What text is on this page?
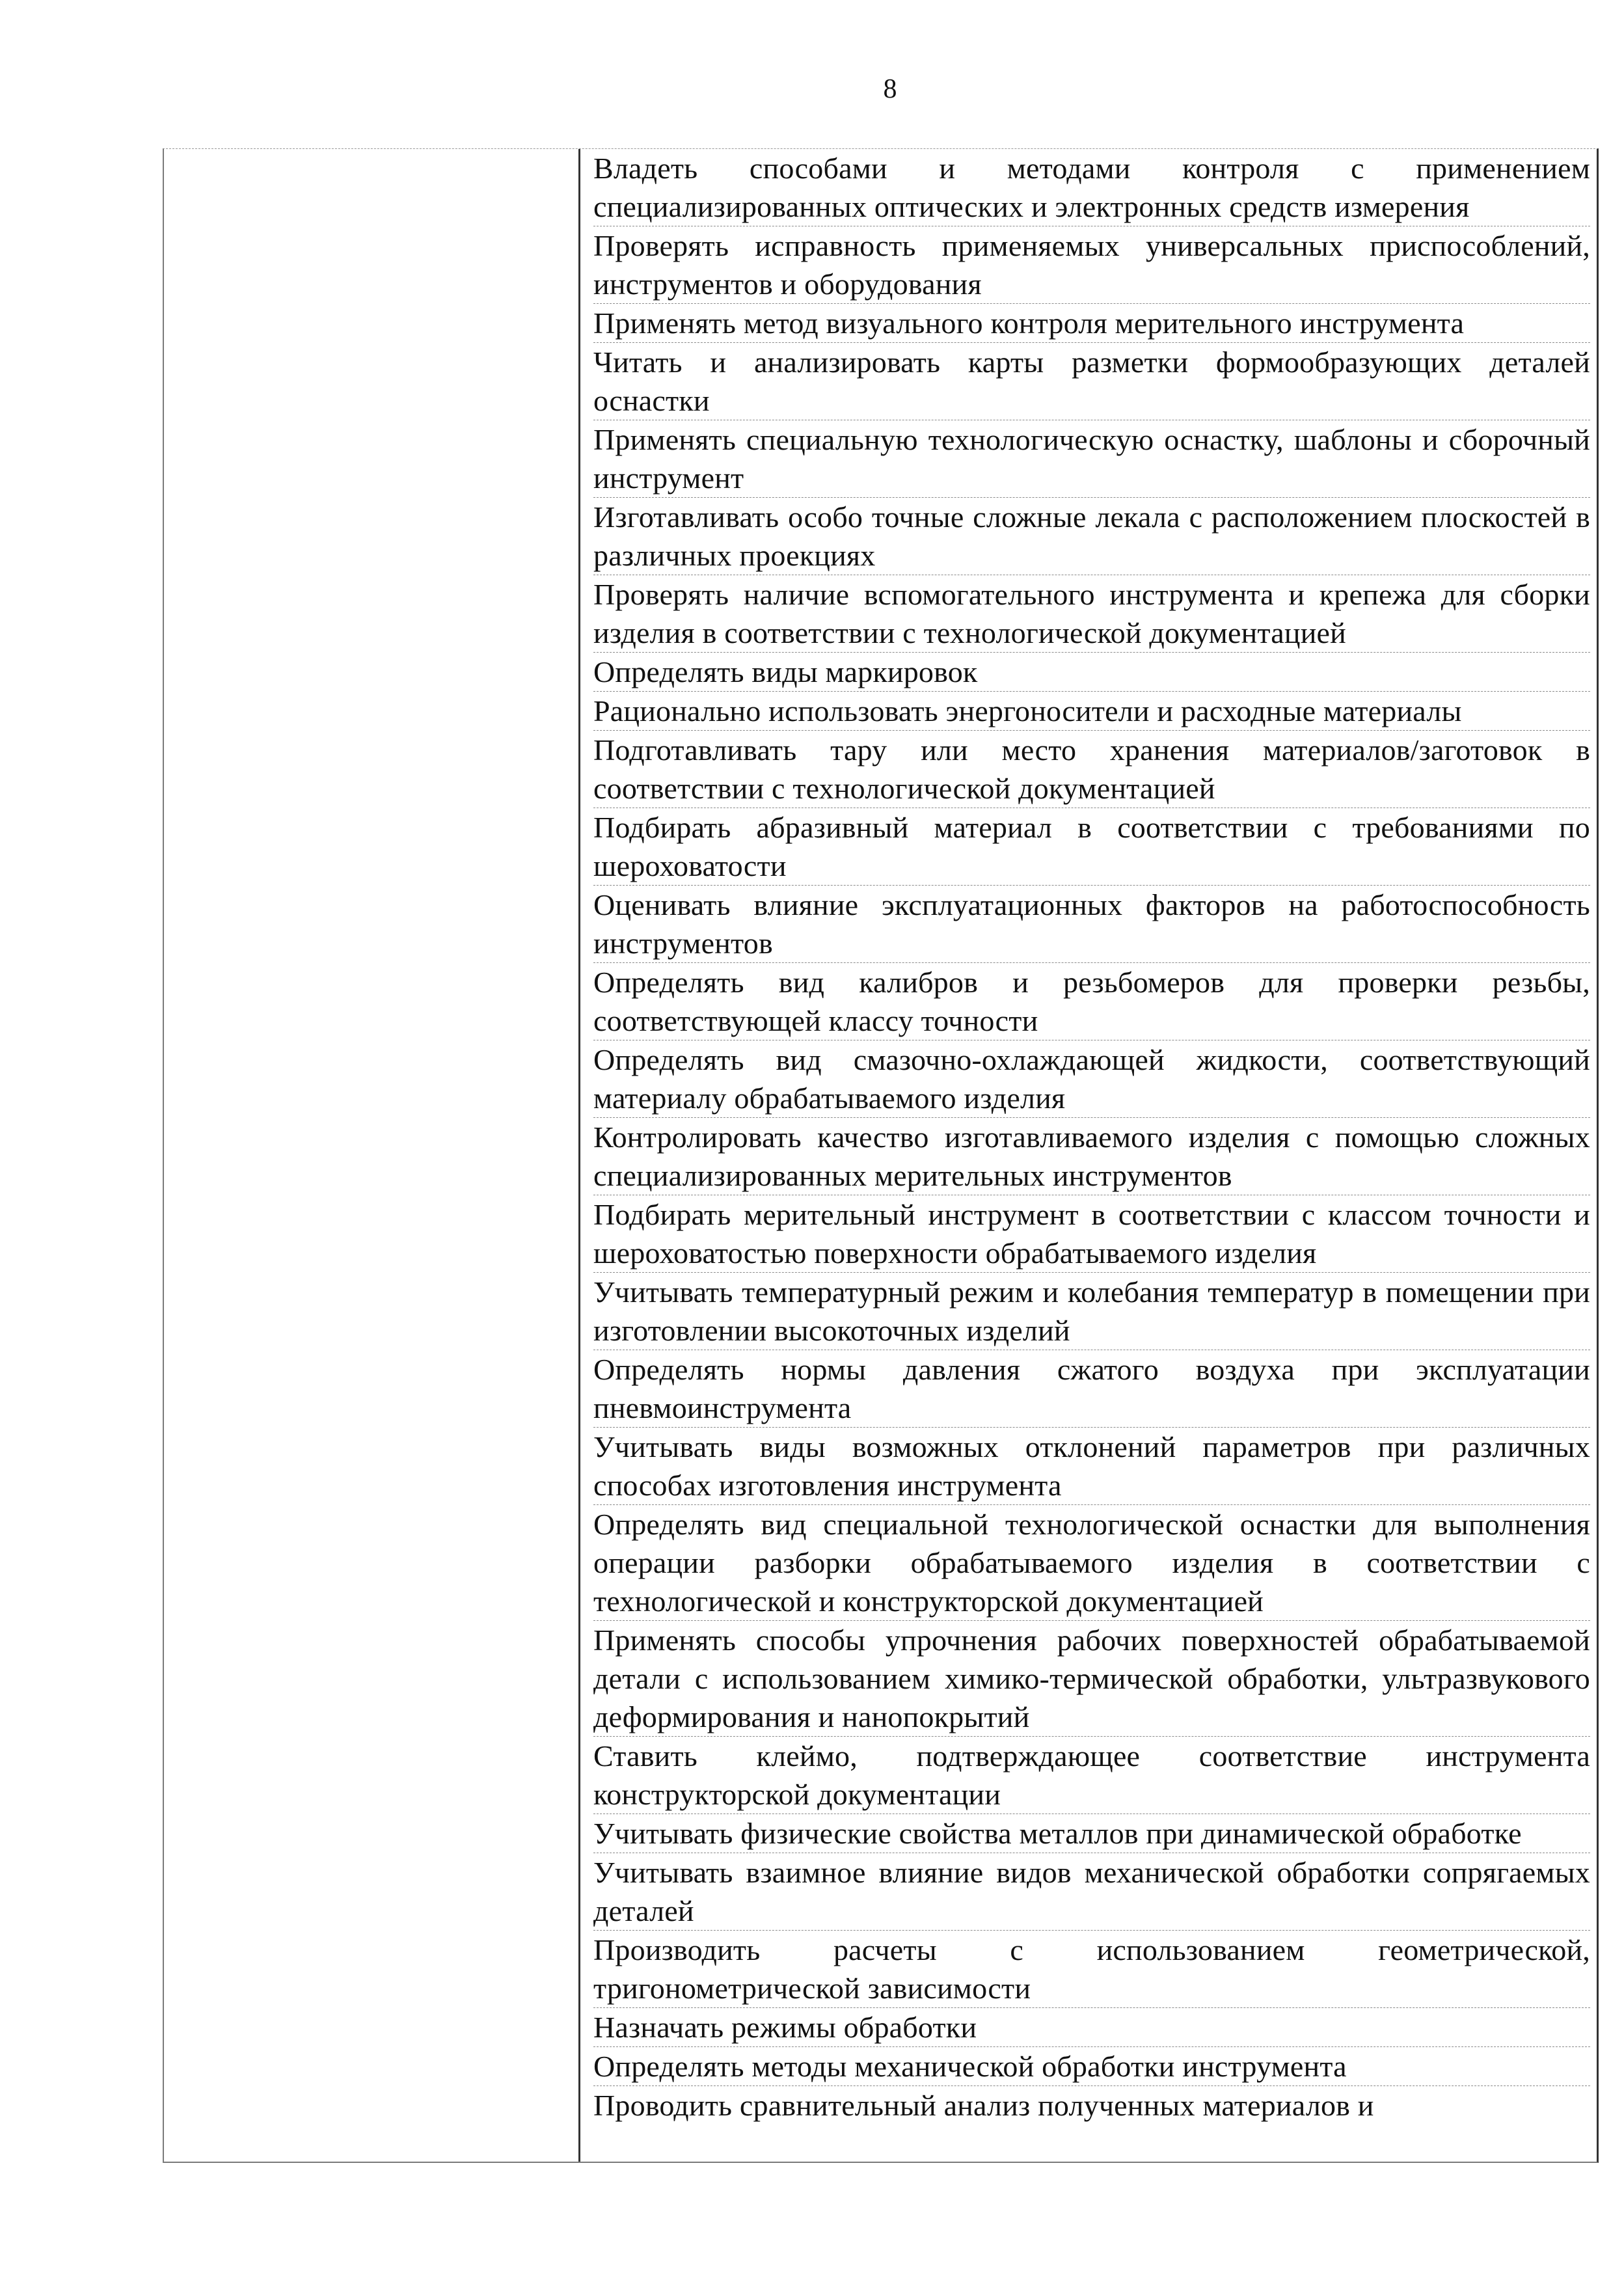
8
Владеть способами и методами контроля с применением специализированных оптических и электронных средств измерения
Проверять исправность применяемых универсальных приспособлений, инструментов и оборудования
Применять метод визуального контроля мерительного инструмента
Читать и анализировать карты разметки формообразующих деталей оснастки
Применять специальную технологическую оснастку, шаблоны и сборочный инструмент
Изготавливать особо точные сложные лекала с расположением плоскостей в различных проекциях
Проверять наличие вспомогательного инструмента и крепежа для сборки изделия в соответствии с технологической документацией
Определять виды маркировок
Рационально использовать энергоносители и расходные материалы
Подготавливать тару или место хранения материалов/заготовок в соответствии с технологической документацией
Подбирать абразивный материал в соответствии с требованиями по шероховатости
Оценивать влияние эксплуатационных факторов на работоспособность инструментов
Определять вид калибров и резьбомеров для проверки резьбы, соответствующей классу точности
Определять вид смазочно-охлаждающей жидкости, соответствующий материалу обрабатываемого изделия
Контролировать качество изготавливаемого изделия с помощью сложных специализированных мерительных инструментов
Подбирать мерительный инструмент в соответствии с классом точности и шероховатостью поверхности обрабатываемого изделия
Учитывать температурный режим и колебания температур в помещении при изготовлении высокоточных изделий
Определять нормы давления сжатого воздуха при эксплуатации пневмоинструмента
Учитывать виды возможных отклонений параметров при различных способах изготовления инструмента
Определять вид специальной технологической оснастки для выполнения операции разборки обрабатываемого изделия в соответствии с технологической и конструкторской документацией
Применять способы упрочнения рабочих поверхностей обрабатываемой детали с использованием химико-термической обработки, ультразвукового деформирования и нанопокрытий
Ставить клеймо, подтверждающее соответствие инструмента конструкторской документации
Учитывать физические свойства металлов при динамической обработке
Учитывать взаимное влияние видов механической обработки сопрягаемых деталей
Производить расчеты с использованием геометрической, тригонометрической зависимости
Назначать режимы обработки
Определять методы механической обработки инструмента
Проводить сравнительный анализ полученных материалов и
